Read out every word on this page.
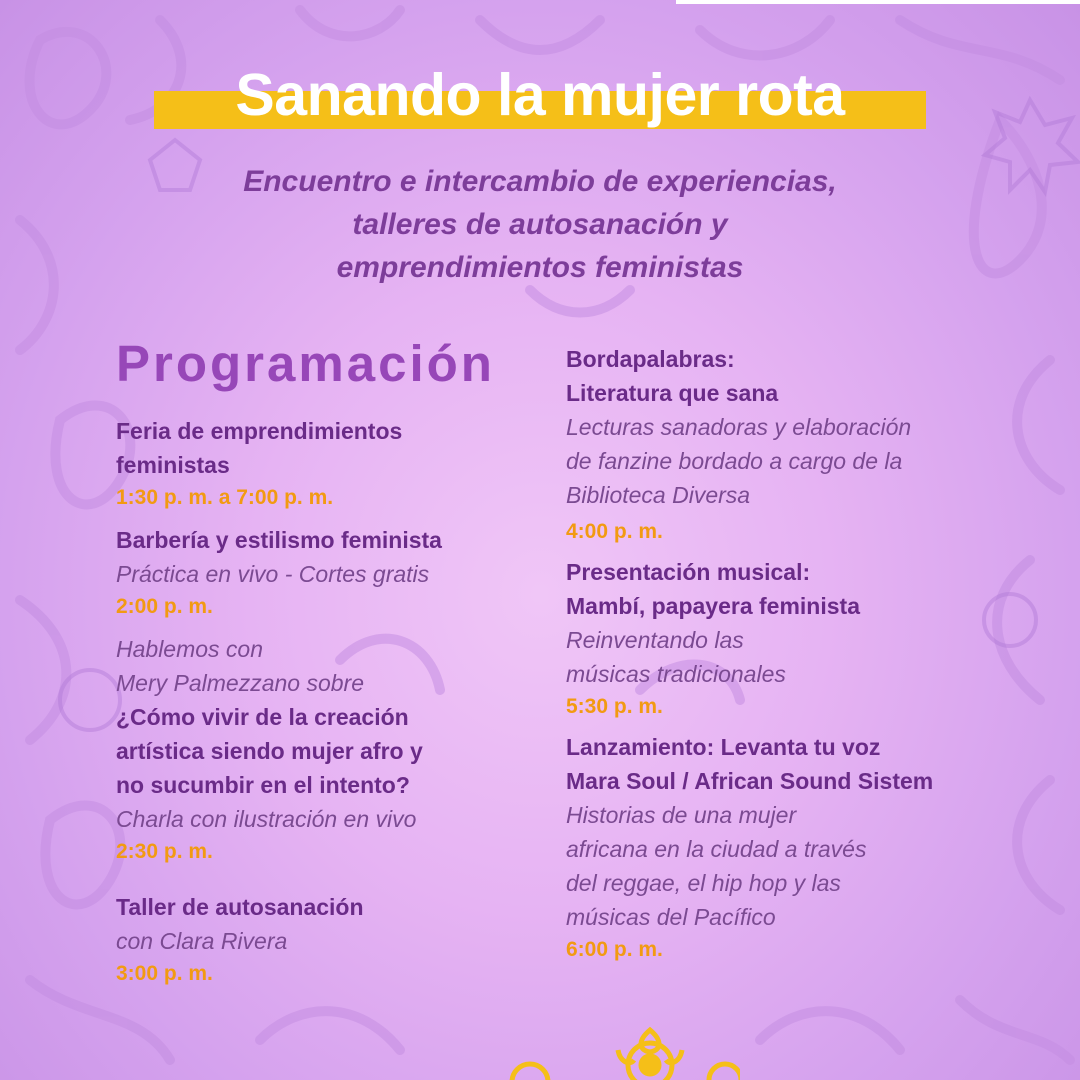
Sanando la mujer rota
Encuentro e intercambio de experiencias,
talleres de autosanación y
emprendimientos feministas
Programación
Feria de emprendimientos
feministas
1:30 p. m. a 7:00 p. m.
Barbería y estilismo feminista
Práctica en vivo - Cortes gratis
2:00 p. m.
Hablemos con
Mery Palmezzano sobre
¿Cómo vivir de la creación
artística siendo mujer afro y
no sucumbir en el intento?
Charla con ilustración en vivo
2:30 p. m.
Taller de autosanación
con Clara Rivera
3:00 p. m.
Bordapalabras:
Literatura que sana
Lecturas sanadoras y elaboración
de fanzine bordado a cargo de la
Biblioteca Diversa
4:00 p. m.
Presentación musical:
Mambí, papayera feminista
Reinventando las
músicas tradicionales
5:30 p. m.
Lanzamiento: Levanta tu voz
Mara Soul / African Sound Sistem
Historias de una mujer
africana en la ciudad a través
del reggae, el hip hop y las
músicas del Pacífico
6:00 p. m.
